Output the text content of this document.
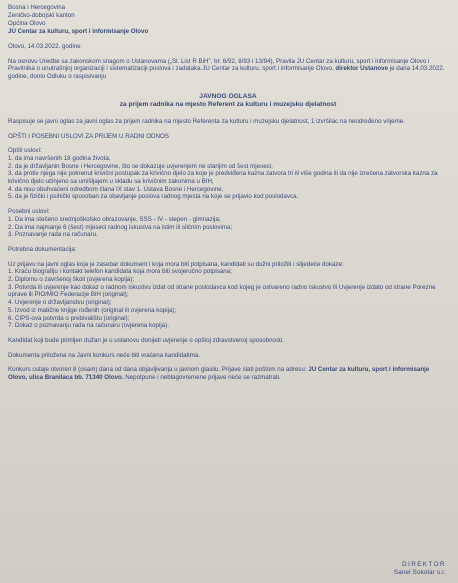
Bosna i Hercegovina
Zeničko-dobojski kanton
Općina Olovo
JU Centar za kulturu, sport i informisanje Olovo

Olovo, 14.03.2022. godine

Na osnovu Uredbe sa zakonskom snagom o Ustanovama („Sl. List R BiH", br. 6/92, 8/93 i 13/94), Pravila JU Centar za kulturu, sport i informisanje Olovo i Pravilnika o unutrašnjoj organizaciji i sistematizaciji poslova i zadataka JU Centar za kulturu, sport i informisanje Olovo, direktor Ustanove je dana 14.03.2022. godine, donio Odluku o raspisivanju

JAVNOG OGLASA
za prijem radnika na mjesto Referent za kulturu i muzejsku djelatnost

Raspisuje se javni oglas za javni oglas za prijem radnika na mjesto Referenta za kulturu i muzejsku djelatnost, 1 izvršilac na neodređeno vrijeme.

OPŠTI I POSEBNI USLOVI ZA PRIJEM U RADNI ODNOS

Opšti uslovi:

1. da ima navršenih 18 godina života,

2. da je državljanin Bosne i Hercegovine, što se dokazuje uvjerenjem ne starijim od šest mjeseci,

3. da protiv njega nije pokrenut krivični postupak za krivično djelo za koje je predviđena kazna zatvora tri ili više godina ili da nije izrečena zatvorska kazna za krivično djelo učinjeno sa umišljajem u skladu sa krivičnim zakonima u BIH,

4. da nisu obuhvaćeni odredbom člana IX stav 1. Ustava Bosne i Hercegovine,

5. da je fizički i psihički sposoban za obavljanje poslova radnog mjesta na koje se prijavio kod poslodavca.

Posebni uslovi:

1. Da ima stečeno srednjoškolsko obrazovanje, SSS - IV - stepen - gimnazija;

2. Da ima najmanje 6 (šest) mjeseci radnog iskustva na istim ili sličnim poslovima;

3. Poznavanje rada na računaru.

Potrebna dokumentacija:

Uz prijavu na javni oglas koja je zasebar dokument i koja mora biti potpisana, kandidati su dužni priložiti i slijedeće dokaze:

1. Kraću biografiju i kontakt telefon kandidata koja mora biti svojeručno potpisana;

2. Diplomu o završenoj školi (ovjerena kopija);

3. Potvrda ili uvjerenje kao dokaz o radnom iskustvu izdat od strane poslodavca kod kojeg je ostvareno radno iskustvo ili Uvjerenje izdato od strane Porezne uprave ili PIO/MIO Federacije BiH (original);

4. Uvjerenje o državljanstvu (original);

5. Izvod iz matične knjige rođenih (original ili ovjerena kopija);

6. CIPS-ova potvrda o prebivalištu (original);

7. Dokaz o poznavanju rada na računaru (ovjerena kopija).

Kandidat koji bude primljen dužan je u ustanovu donijeti uvjerenje o opštoj zdravstvenoj sposobnosti.

Dokumenta priložena na Javni konkurs neće biti vraćena kandidatima.

Konkurs ostaje otvoren 8 (osam) dana od dana objavljivanja u javnom glasilu. Prijave slati poštom na adresu: JU Centar za kulturu, sport i informisanje Olovo, ulica Branilaca bb. 71340 Olovo. Nepotpune i neblagovremene prijave neće se razmatrati.

DIREKTOR
Sanel Sokolar s.r.
